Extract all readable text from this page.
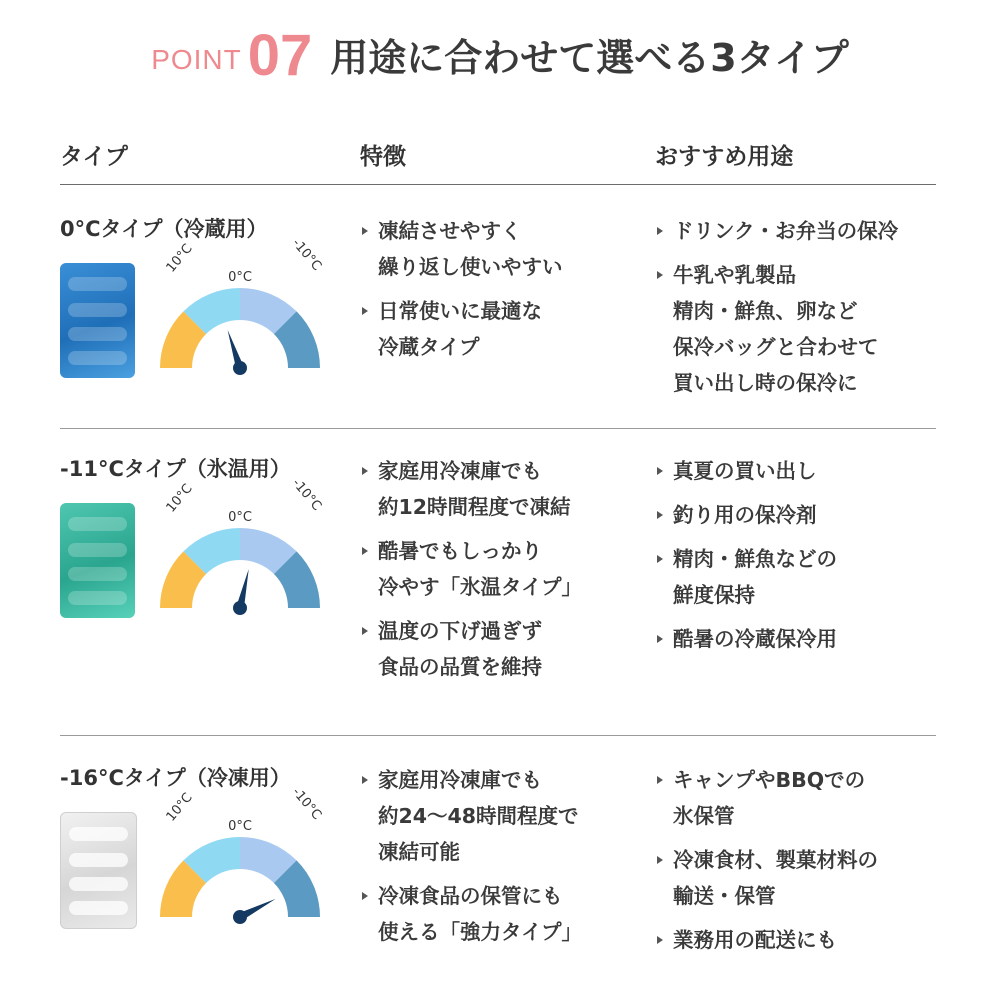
POINT 07 用途に合わせて選べる3タイプ
タイプ	特徴	おすすめ用途
0°Cタイプ（冷蔵用）
10°C
0°C
-10°C
凍結させやすく
繰り返し使いやすい
日常使いに最適な
冷蔵タイプ
ドリンク・お弁当の保冷
牛乳や乳製品
精肉・鮮魚、卵など
保冷バッグと合わせて
買い出し時の保冷に
-11°Cタイプ（氷温用）
10°C
0°C
-10°C
家庭用冷凍庫でも
約12時間程度で凍結
酷暑でもしっかり
冷やす「氷温タイプ」
温度の下げ過ぎず
食品の品質を維持
真夏の買い出し
釣り用の保冷剤
精肉・鮮魚などの
鮮度保持
酷暑の冷蔵保冷用
-16°Cタイプ（冷凍用）
10°C
0°C
-10°C
家庭用冷凍庫でも
約24〜48時間程度で
凍結可能
冷凍食品の保管にも
使える「強力タイプ」
キャンプやBBQでの
氷保管
冷凍食材、製菓材料の
輸送・保管
業務用の配送にも
